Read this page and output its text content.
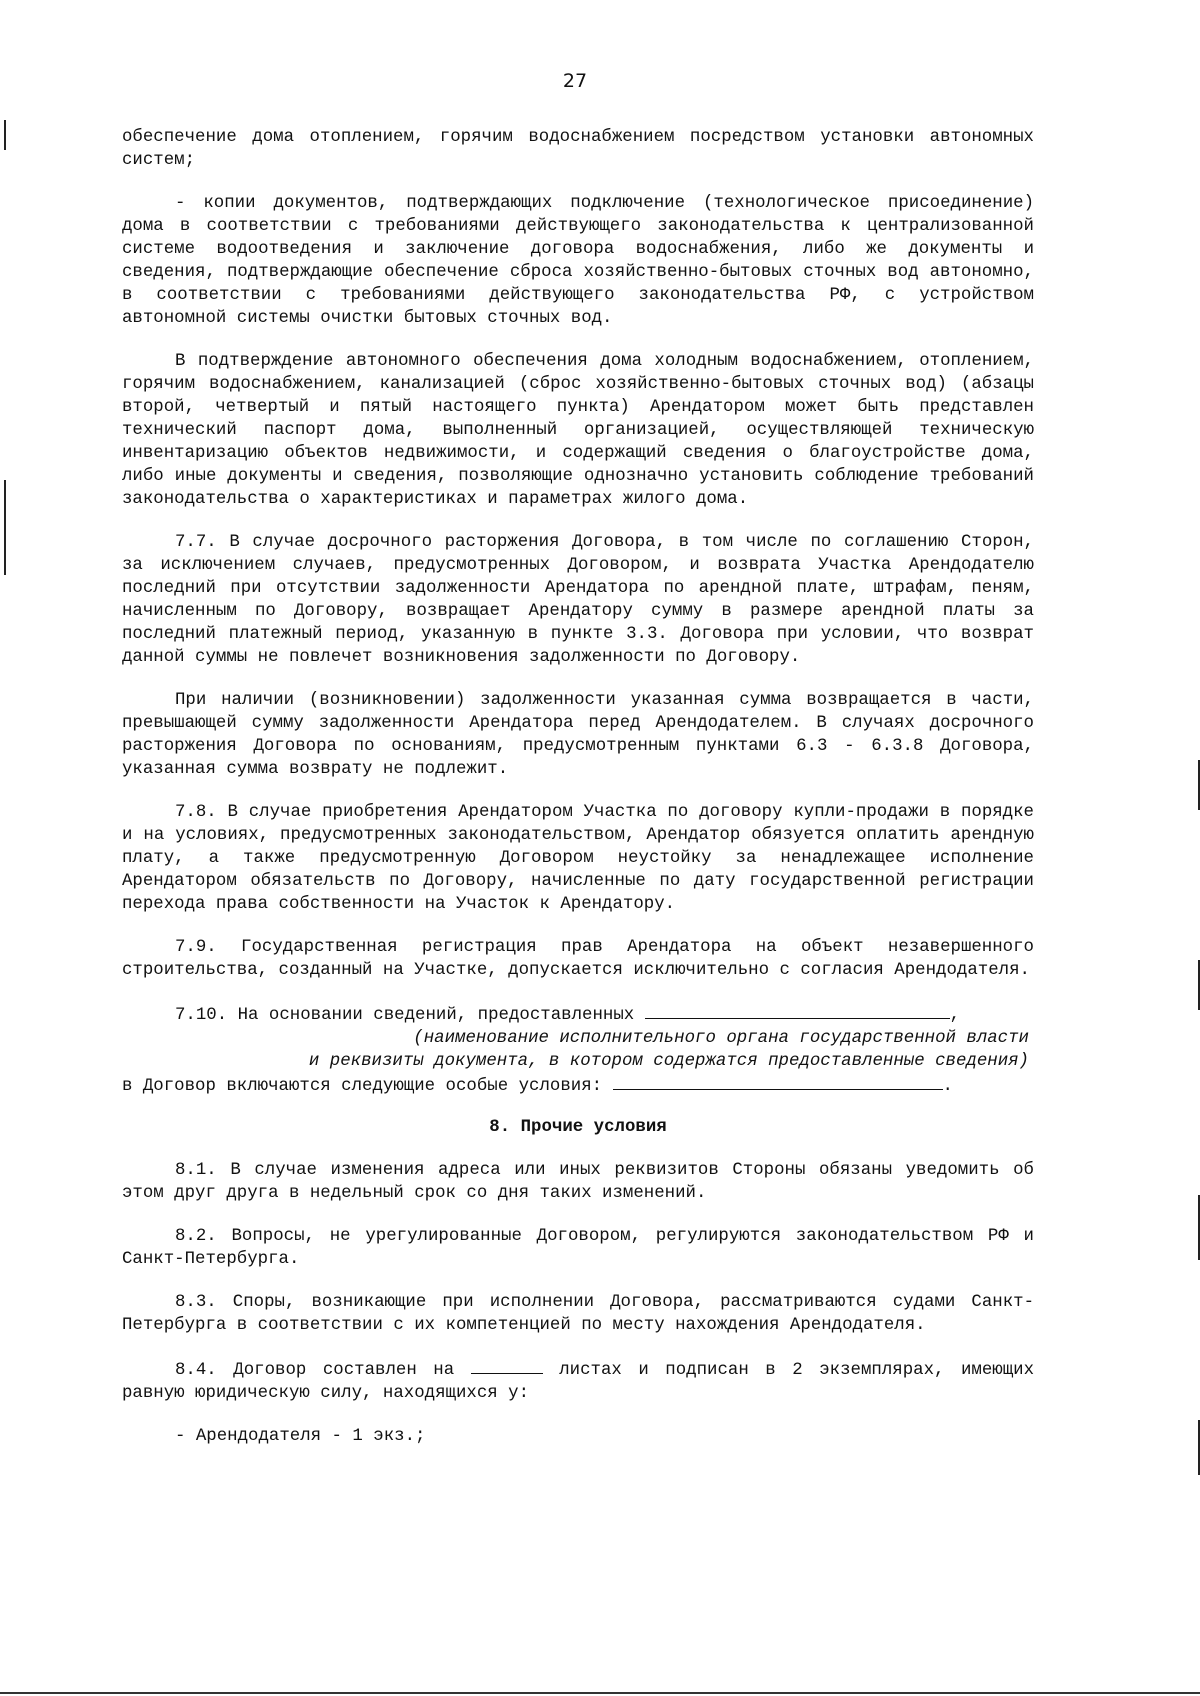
27

обеспечение дома отоплением, горячим водоснабжением посредством установки автономных систем;

- копии документов, подтверждающих подключение (технологическое присоединение) дома в соответствии с требованиями действующего законодательства к централизованной системе водоотведения и заключение договора водоснабжения, либо же документы и сведения, подтверждающие обеспечение сброса хозяйственно-бытовых сточных вод автономно, в соответствии с требованиями действующего законодательства РФ, с устройством автономной системы очистки бытовых сточных вод.

В подтверждение автономного обеспечения дома холодным водоснабжением, отоплением, горячим водоснабжением, канализацией (сброс хозяйственно-бытовых сточных вод) (абзацы второй, четвертый и пятый настоящего пункта) Арендатором может быть представлен технический паспорт дома, выполненный организацией, осуществляющей техническую инвентаризацию объектов недвижимости, и содержащий сведения о благоустройстве дома, либо иные документы и сведения, позволяющие однозначно установить соблюдение требований законодательства о характеристиках и параметрах жилого дома.

7.7. В случае досрочного расторжения Договора, в том числе по соглашению Сторон, за исключением случаев, предусмотренных Договором, и возврата Участка Арендодателю последний при отсутствии задолженности Арендатора по арендной плате, штрафам, пеням, начисленным по Договору, возвращает Арендатору сумму в размере арендной платы за последний платежный период, указанную в пункте 3.3. Договора при условии, что возврат данной суммы не повлечет возникновения задолженности по Договору.

При наличии (возникновении) задолженности указанная сумма возвращается в части, превышающей сумму задолженности Арендатора перед Арендодателем. В случаях досрочного расторжения Договора по основаниям, предусмотренным пунктами 6.3 - 6.3.8 Договора, указанная сумма возврату не подлежит.

7.8. В случае приобретения Арендатором Участка по договору купли-продажи в порядке и на условиях, предусмотренных законодательством, Арендатор обязуется оплатить арендную плату, а также предусмотренную Договором неустойку за ненадлежащее исполнение Арендатором обязательств по Договору, начисленные по дату государственной регистрации перехода права собственности на Участок к Арендатору.

7.9. Государственная регистрация прав Арендатора на объект незавершенного строительства, созданный на Участке, допускается исключительно с согласия Арендодателя.

7.10. На основании сведений, предоставленных	,

(наименование исполнительного органа государственной власти

и реквизиты документа, в котором содержатся предоставленные сведения)

в Договор включаются следующие особые условия:	.

8. Прочие условия

8.1. В случае изменения адреса или иных реквизитов Стороны обязаны уведомить об этом друг друга в недельный срок со дня таких изменений.

8.2. Вопросы, не урегулированные Договором, регулируются законодательством РФ и Санкт-Петербурга.

8.3. Споры, возникающие при исполнении Договора, рассматриваются судами Санкт-Петербурга в соответствии с их компетенцией по месту нахождения Арендодателя.

8.4. Договор составлен на	листах и подписан в 2 экземплярах, имеющих равную юридическую силу, находящихся у:

- Арендодателя - 1 экз.;
